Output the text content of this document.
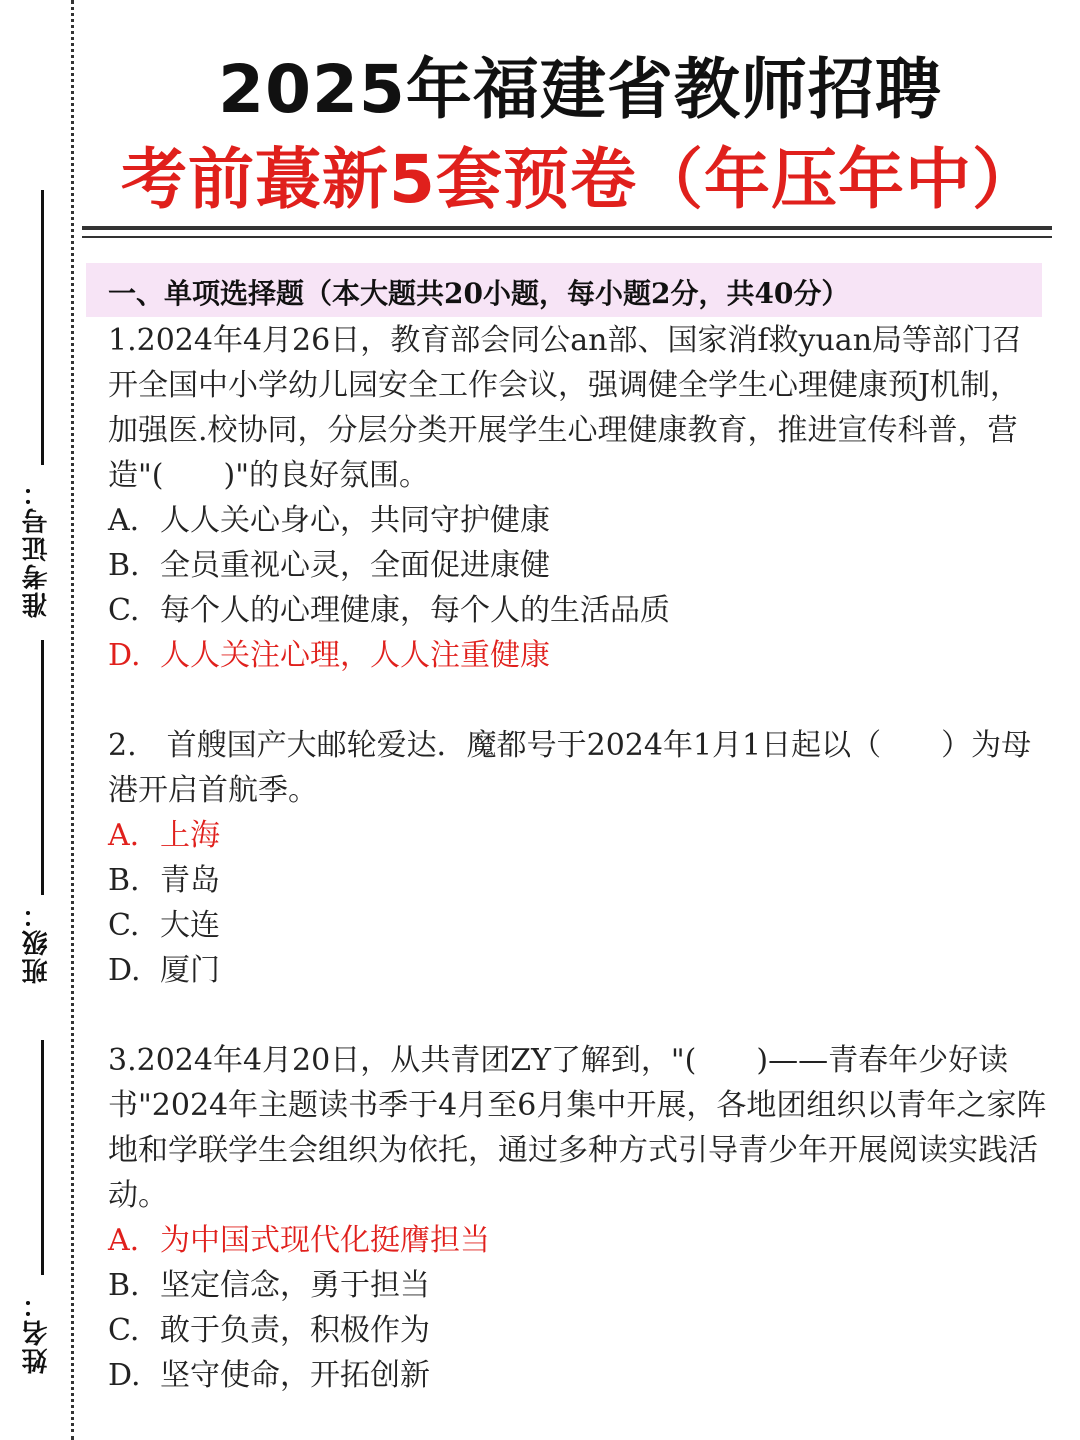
准考证号：
班级：
姓名：
2025年福建省教师招聘
考前蕞新5套预卷（年压年中）
一、单项选择题（本大题共20小题，每小题2分，共40分）

1.2024年4月26日，教育部会同公an部、国家消f救yuan局等部门召开全国中小学幼儿园安全工作会议，强调健全学生心理健康预J机制，加强医.校协同，分层分类开展学生心理健康教育，推进宣传科普，营造"(　　)"的良好氛围。

A. 人人关心身心，共同守护健康

B. 全员重视心灵，全面促进康健

C. 每个人的心理健康，每个人的生活品质

D. 人人关注心理，人人注重健康

2.　首艘国产大邮轮爱达．魔都号于2024年1月1日起以（　　）为母港开启首航季。

A. 上海

B. 青岛

C. 大连

D. 厦门

3.2024年4月20日，从共青团ZY了解到，"(　　)——青春年少好读书"2024年主题读书季于4月至6月集中开展，各地团组织以青年之家阵地和学联学生会组织为依托，通过多种方式引导青少年开展阅读实践活动。

A. 为中国式现代化挺膺担当

B. 坚定信念，勇于担当

C. 敢于负责，积极作为

D. 坚守使命，开拓创新
